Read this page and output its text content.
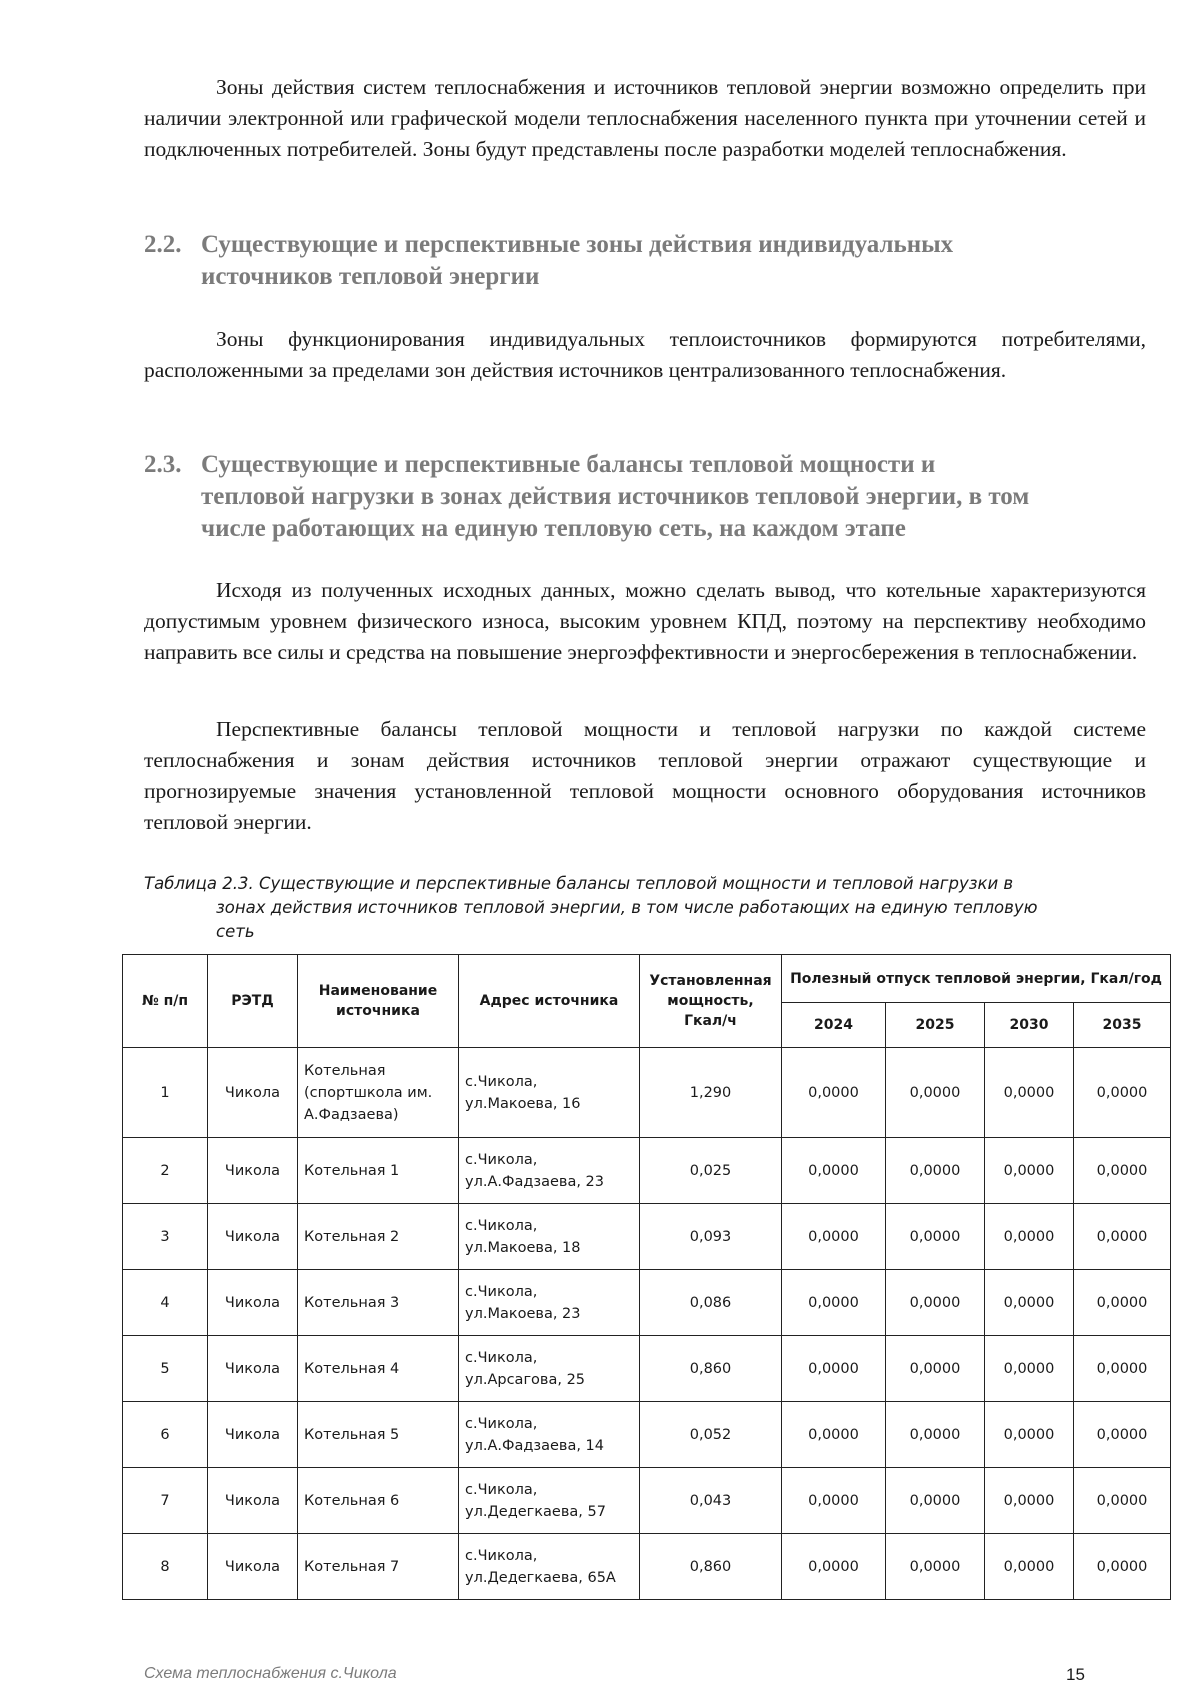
Зоны действия систем теплоснабжения и источников тепловой энергии возможно определить при наличии электронной или графической модели теплоснабжения населенного пункта при уточнении сетей и подключенных потребителей. Зоны будут представлены после разработки моделей теплоснабжения.

2.2. Существующие и перспективные зоны действия индивидуальных
источников тепловой энергии

Зоны функционирования индивидуальных теплоисточников формируются потребителями, расположенными за пределами зон действия источников централизованного теплоснабжения.

2.3. Существующие и перспективные балансы тепловой мощности и
тепловой нагрузки в зонах действия источников тепловой энергии, в том
числе работающих на единую тепловую сеть, на каждом этапе

Исходя из полученных исходных данных, можно сделать вывод, что котельные характеризуются допустимым уровнем физического износа, высоким уровнем КПД, поэтому на перспективу необходимо направить все силы и средства на повышение энергоэффективности и энергосбережения в теплоснабжении.

Перспективные балансы тепловой мощности и тепловой нагрузки по каждой системе теплоснабжения и зонам действия источников тепловой энергии отражают существующие и прогнозируемые значения установленной тепловой мощности основного оборудования источников тепловой энергии.

Таблица 2.3. Существующие и перспективные балансы тепловой мощности и тепловой нагрузки в
зонах действия источников тепловой энергии, в том числе работающих на единую тепловую
сеть

№ п/п	РЭТД	Наименование источника	Адрес источника	Установленная мощность, Гкал/ч	Полезный отпуск тепловой энергии, Гкал/год			
					2024	2025	2030	2035
1	Чикола	Котельная (спортшкола им. А.Фадзаева)	с.Чикола, ул.Макоева, 16	1,290	0,0000	0,0000	0,0000	0,0000
2	Чикола	Котельная 1	с.Чикола, ул.А.Фадзаева, 23	0,025	0,0000	0,0000	0,0000	0,0000
3	Чикола	Котельная 2	с.Чикола, ул.Макоева, 18	0,093	0,0000	0,0000	0,0000	0,0000
4	Чикола	Котельная 3	с.Чикола, ул.Макоева, 23	0,086	0,0000	0,0000	0,0000	0,0000
5	Чикола	Котельная 4	с.Чикола, ул.Арсагова, 25	0,860	0,0000	0,0000	0,0000	0,0000
6	Чикола	Котельная 5	с.Чикола, ул.А.Фадзаева, 14	0,052	0,0000	0,0000	0,0000	0,0000
7	Чикола	Котельная 6	с.Чикола, ул.Дедегкаева, 57	0,043	0,0000	0,0000	0,0000	0,0000
8	Чикола	Котельная 7	с.Чикола, ул.Дедегкаева, 65А	0,860	0,0000	0,0000	0,0000	0,0000
Схема теплоснабжения с.Чикола	15
